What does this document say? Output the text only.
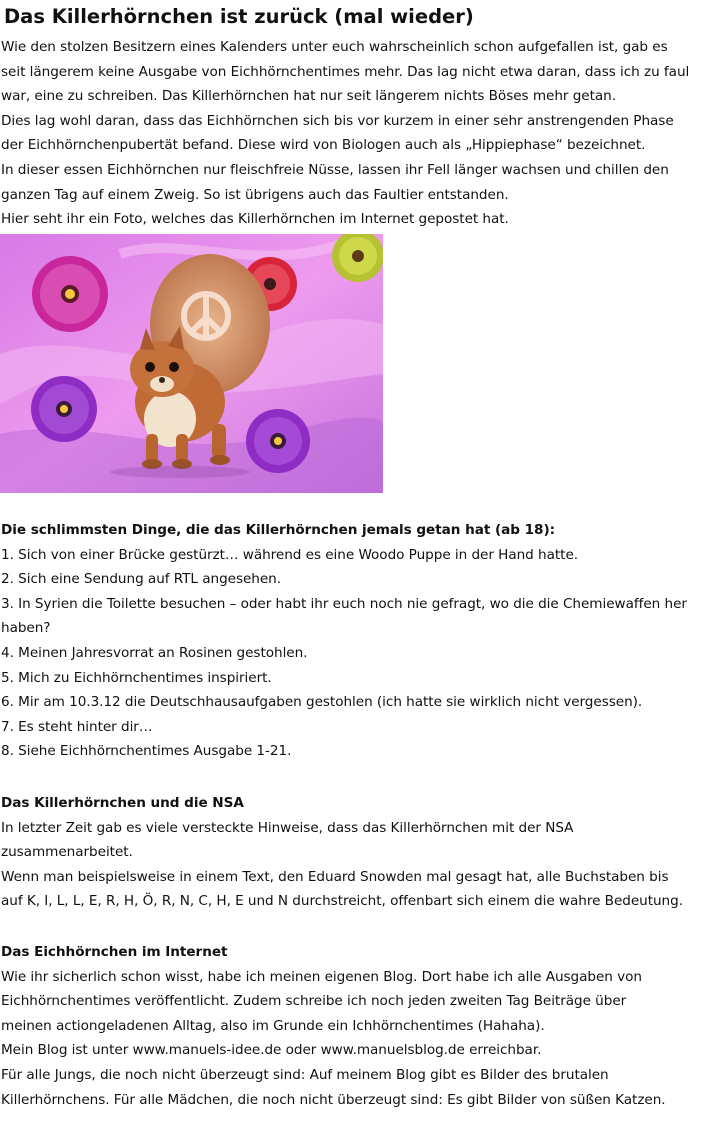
Das Killerhörnchen ist zurück (mal wieder)

Wie den stolzen Besitzern eines Kalenders unter euch wahrscheinlich schon aufgefallen ist, gab es

seit längerem keine Ausgabe von Eichhörnchentimes mehr. Das lag nicht etwa daran, dass ich zu faul

war, eine zu schreiben. Das Killerhörnchen hat nur seit längerem nichts Böses mehr getan.

Dies lag wohl daran, dass das Eichhörnchen sich bis vor kurzem in einer sehr anstrengenden Phase

der Eichhörnchenpubertät befand. Diese wird von Biologen auch als „Hippiephase“ bezeichnet.

In dieser essen Eichhörnchen nur fleischfreie Nüsse, lassen ihr Fell länger wachsen und chillen den

ganzen Tag auf einem Zweig. So ist übrigens auch das Faultier entstanden.

Hier seht ihr ein Foto, welches das Killerhörnchen im Internet gepostet hat.

Die schlimmsten Dinge, die das Killerhörnchen jemals getan hat (ab 18):

1. Sich von einer Brücke gestürzt… während es eine Woodo Puppe in der Hand hatte.

2. Sich eine Sendung auf RTL angesehen.

3. In Syrien die Toilette besuchen – oder habt ihr euch noch nie gefragt, wo die die Chemiewaffen her

haben?

4. Meinen Jahresvorrat an Rosinen gestohlen.

5. Mich zu Eichhörnchentimes inspiriert.

6. Mir am 10.3.12 die Deutschhausaufgaben gestohlen (ich hatte sie wirklich nicht vergessen).

7. Es steht hinter dir…

8. Siehe Eichhörnchentimes Ausgabe 1-21.

Das Killerhörnchen und die NSA

In letzter Zeit gab es viele versteckte Hinweise, dass das Killerhörnchen mit der NSA

zusammenarbeitet.

Wenn man beispielsweise in einem Text, den Eduard Snowden mal gesagt hat, alle Buchstaben bis

auf K, I, L, L, E, R, H, Ö, R, N, C, H, E und N durchstreicht, offenbart sich einem die wahre Bedeutung.

Das Eichhörnchen im Internet

Wie ihr sicherlich schon wisst, habe ich meinen eigenen Blog. Dort habe ich alle Ausgaben von

Eichhörnchentimes veröffentlicht. Zudem schreibe ich noch jeden zweiten Tag Beiträge über

meinen actiongeladenen Alltag, also im Grunde ein Ichhörnchentimes (Hahaha).

Mein Blog ist unter www.manuels-idee.de oder www.manuelsblog.de erreichbar.

Für alle Jungs, die noch nicht überzeugt sind: Auf meinem Blog gibt es Bilder des brutalen

Killerhörnchens. Für alle Mädchen, die noch nicht überzeugt sind: Es gibt Bilder von süßen Katzen.
